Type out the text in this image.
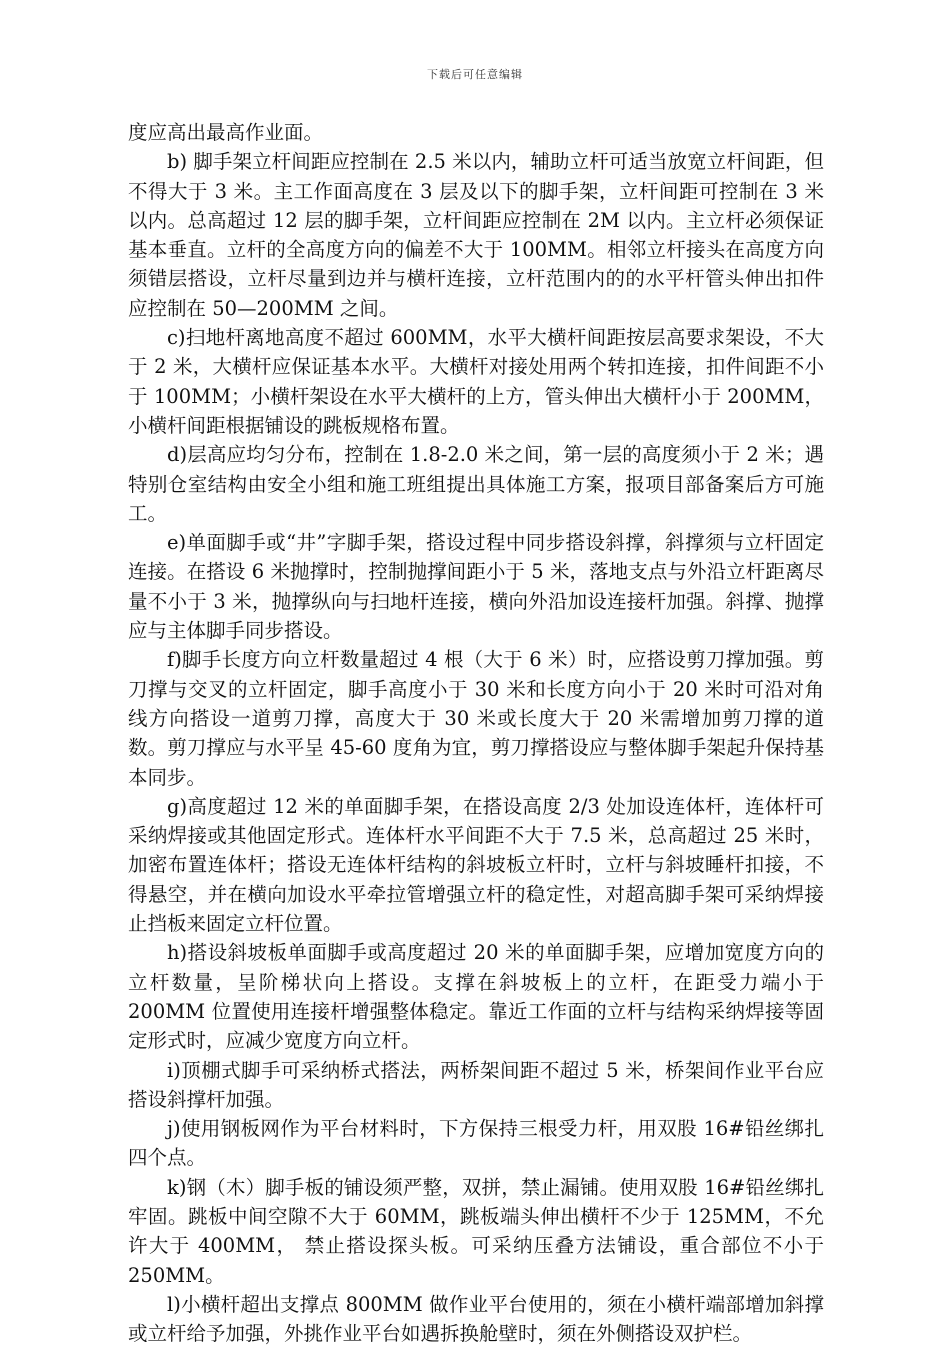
下载后可任意编辑

度应高出最高作业面。

b) 脚手架立杆间距应控制在 2.5 米以内，辅助立杆可适当放宽立杆间距，但不得大于 3 米。主工作面高度在 3 层及以下的脚手架，立杆间距可控制在 3 米以内。总高超过 12 层的脚手架，立杆间距应控制在 2M 以内。主立杆必须保证基本垂直。立杆的全高度方向的偏差不大于 100MM。相邻立杆接头在高度方向须错层搭设，立杆尽量到边并与横杆连接，立杆范围内的的水平杆管头伸出扣件应控制在 50—200MM 之间。

c)扫地杆离地高度不超过 600MM，水平大横杆间距按层高要求架设，不大于 2 米，大横杆应保证基本水平。大横杆对接处用两个转扣连接，扣件间距不小于 100MM；小横杆架设在水平大横杆的上方，管头伸出大横杆小于 200MM，小横杆间距根据铺设的跳板规格布置。

d)层高应均匀分布，控制在 1.8-2.0 米之间，第一层的高度须小于 2 米；遇特别仓室结构由安全小组和施工班组提出具体施工方案，报项目部备案后方可施工。

e)单面脚手或“井”字脚手架，搭设过程中同步搭设斜撑，斜撑须与立杆固定连接。在搭设 6 米抛撑时，控制抛撑间距小于 5 米，落地支点与外沿立杆距离尽量不小于 3 米，抛撑纵向与扫地杆连接，横向外沿加设连接杆加强。斜撑、抛撑应与主体脚手同步搭设。

f)脚手长度方向立杆数量超过 4 根（大于 6 米）时，应搭设剪刀撑加强。剪刀撑与交叉的立杆固定，脚手高度小于 30 米和长度方向小于 20 米时可沿对角线方向搭设一道剪刀撑，高度大于 30 米或长度大于 20 米需增加剪刀撑的道数。剪刀撑应与水平呈 45-60 度角为宜，剪刀撑搭设应与整体脚手架起升保持基本同步。

g)高度超过 12 米的单面脚手架，在搭设高度 2/3 处加设连体杆，连体杆可采纳焊接或其他固定形式。连体杆水平间距不大于 7.5 米，总高超过 25 米时，加密布置连体杆；搭设无连体杆结构的斜坡板立杆时，立杆与斜坡睡杆扣接，不得悬空，并在横向加设水平牵拉管增强立杆的稳定性，对超高脚手架可采纳焊接止挡板来固定立杆位置。

h)搭设斜坡板单面脚手或高度超过 20 米的单面脚手架，应增加宽度方向的立杆数量，呈阶梯状向上搭设。支撑在斜坡板上的立杆，在距受力端小于 200MM 位置使用连接杆增强整体稳定。靠近工作面的立杆与结构采纳焊接等固定形式时，应减少宽度方向立杆。

i)顶棚式脚手可采纳桥式搭法，两桥架间距不超过 5 米，桥架间作业平台应搭设斜撑杆加强。

j)使用钢板网作为平台材料时，下方保持三根受力杆，用双股 16#铅丝绑扎四个点。

k)钢（木）脚手板的铺设须严整，双拼，禁止漏铺。使用双股 16#铅丝绑扎牢固。跳板中间空隙不大于 60MM，跳板端头伸出横杆不少于 125MM，不允许大于 400MM， 禁止搭设探头板。可采纳压叠方法铺设，重合部位不小于 250MM。

l)小横杆超出支撑点 800MM 做作业平台使用的，须在小横杆端部增加斜撑或立杆给予加强，外挑作业平台如遇拆换舱壁时，须在外侧搭设双护栏。
